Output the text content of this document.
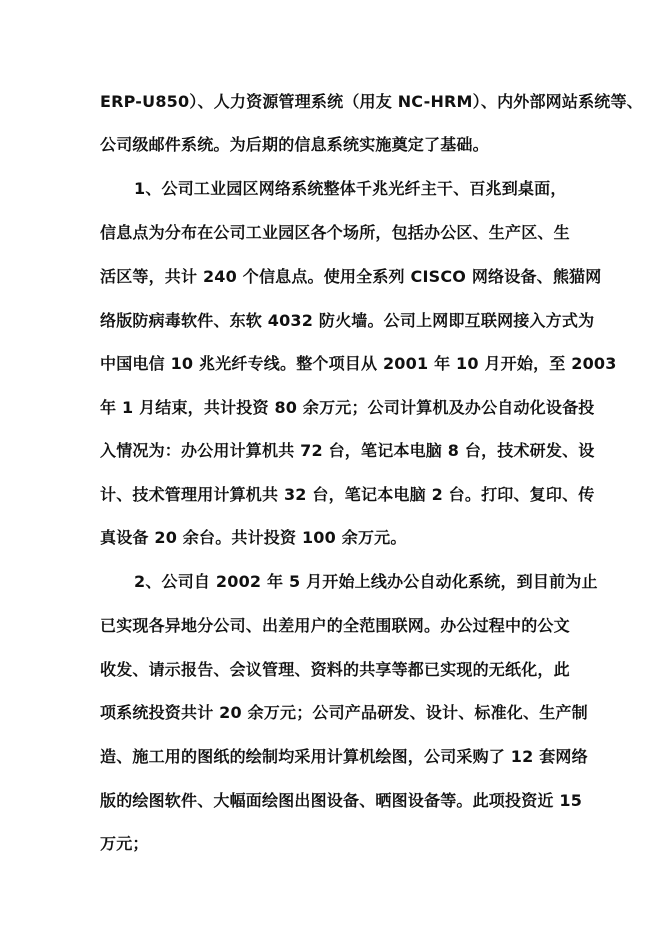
ERP-U850）、人力资源管理系统（用友 NC-HRM）、内外部网站系统等、
公司级邮件系统。为后期的信息系统实施奠定了基础。
1、公司工业园区网络系统整体千兆光纤主干、百兆到桌面，
信息点为分布在公司工业园区各个场所，包括办公区、生产区、生
活区等，共计 240 个信息点。使用全系列 CISCO 网络设备、熊猫网
络版防病毒软件、东软 4032 防火墙。公司上网即互联网接入方式为
中国电信 10 兆光纤专线。整个项目从 2001 年 10 月开始，至 2003
年 1 月结束，共计投资 80 余万元；公司计算机及办公自动化设备投
入情况为：办公用计算机共 72 台，笔记本电脑 8 台，技术研发、设
计、技术管理用计算机共 32 台，笔记本电脑 2 台。打印、复印、传
真设备 20 余台。共计投资 100 余万元。
2、公司自 2002 年 5 月开始上线办公自动化系统，到目前为止
已实现各异地分公司、出差用户的全范围联网。办公过程中的公文
收发、请示报告、会议管理、资料的共享等都已实现的无纸化，此
项系统投资共计 20 余万元；公司产品研发、设计、标准化、生产制
造、施工用的图纸的绘制均采用计算机绘图，公司采购了 12 套网络
版的绘图软件、大幅面绘图出图设备、晒图设备等。此项投资近 15
万元；
